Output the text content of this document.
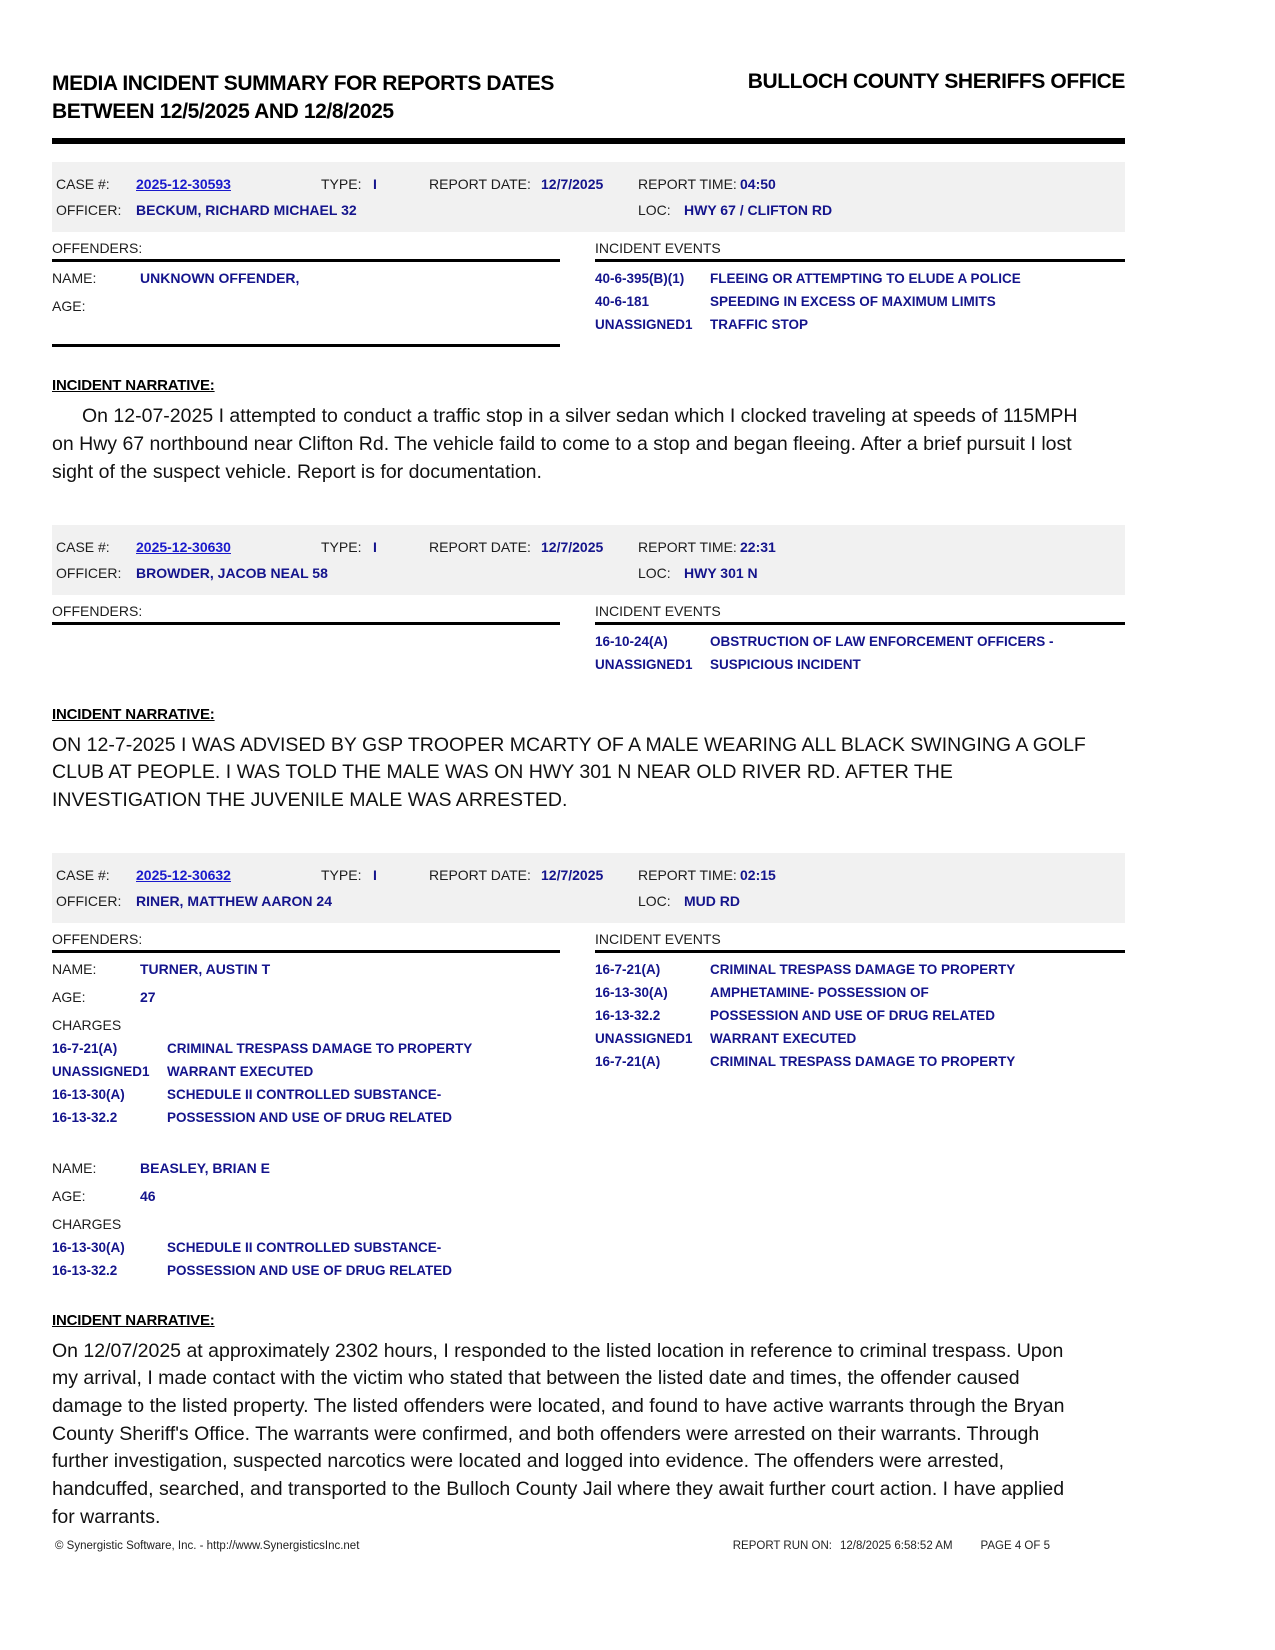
MEDIA INCIDENT SUMMARY FOR REPORTS DATES
BETWEEN 12/5/2025 AND 12/8/2025
BULLOCH COUNTY SHERIFFS OFFICE
CASE #:	2025-12-30593	TYPE: I	REPORT DATE: 12/7/2025	REPORT TIME: 04:50
OFFICER:	BECKUM, RICHARD MICHAEL 32	LOC: HWY 67 / CLIFTON RD
OFFENDERS:
NAME:	UNKNOWN OFFENDER,
AGE:
INCIDENT EVENTS
40-6-395(B)(1)	FLEEING OR ATTEMPTING TO ELUDE A POLICE
40-6-181	SPEEDING IN EXCESS OF MAXIMUM LIMITS
UNASSIGNED1	TRAFFIC STOP
INCIDENT NARRATIVE:
On 12-07-2025 I attempted to conduct a traffic stop in a silver sedan which I clocked traveling at speeds of 115MPH on Hwy 67 northbound near Clifton Rd. The vehicle faild to come to a stop and began fleeing. After a brief pursuit I lost sight of the suspect vehicle. Report is for documentation.
CASE #:	2025-12-30630	TYPE: I	REPORT DATE: 12/7/2025	REPORT TIME: 22:31
OFFICER:	BROWDER, JACOB NEAL 58	LOC: HWY 301 N
OFFENDERS:	INCIDENT EVENTS
16-10-24(A)	OBSTRUCTION OF LAW ENFORCEMENT OFFICERS -
UNASSIGNED1	SUSPICIOUS INCIDENT
INCIDENT NARRATIVE:
ON 12-7-2025 I WAS ADVISED BY GSP TROOPER MCARTY OF A MALE WEARING ALL BLACK SWINGING A GOLF CLUB AT PEOPLE. I WAS TOLD THE MALE WAS ON HWY 301 N NEAR OLD RIVER RD. AFTER THE INVESTIGATION THE JUVENILE MALE WAS ARRESTED.
CASE #:	2025-12-30632	TYPE: I	REPORT DATE: 12/7/2025	REPORT TIME: 02:15
OFFICER:	RINER, MATTHEW AARON 24	LOC: MUD RD
OFFENDERS:
NAME:	TURNER, AUSTIN T
AGE:	27
CHARGES
16-7-21(A)	CRIMINAL TRESPASS DAMAGE TO PROPERTY
UNASSIGNED1	WARRANT EXECUTED
16-13-30(A)	SCHEDULE II CONTROLLED SUBSTANCE-
16-13-32.2	POSSESSION AND USE OF DRUG RELATED
NAME:	BEASLEY, BRIAN E
AGE:	46
CHARGES
16-13-30(A)	SCHEDULE II CONTROLLED SUBSTANCE-
16-13-32.2	POSSESSION AND USE OF DRUG RELATED
INCIDENT EVENTS
16-7-21(A)	CRIMINAL TRESPASS DAMAGE TO PROPERTY
16-13-30(A)	AMPHETAMINE- POSSESSION OF
16-13-32.2	POSSESSION AND USE OF DRUG RELATED
UNASSIGNED1	WARRANT EXECUTED
16-7-21(A)	CRIMINAL TRESPASS DAMAGE TO PROPERTY
INCIDENT NARRATIVE:
On 12/07/2025 at approximately 2302 hours, I responded to the listed location in reference to criminal trespass. Upon my arrival, I made contact with the victim who stated that between the listed date and times, the offender caused damage to the listed property. The listed offenders were located, and found to have active warrants through the Bryan County Sheriff's Office. The warrants were confirmed, and both offenders were arrested on their warrants. Through further investigation, suspected narcotics were located and logged into evidence. The offenders were arrested, handcuffed, searched, and transported to the Bulloch County Jail where they await further court action. I have applied for warrants.
© Synergistic Software, Inc. - http://www.SynergisticsInc.net	REPORT RUN ON: 12/8/2025 6:58:52 AM PAGE 4 OF 5
